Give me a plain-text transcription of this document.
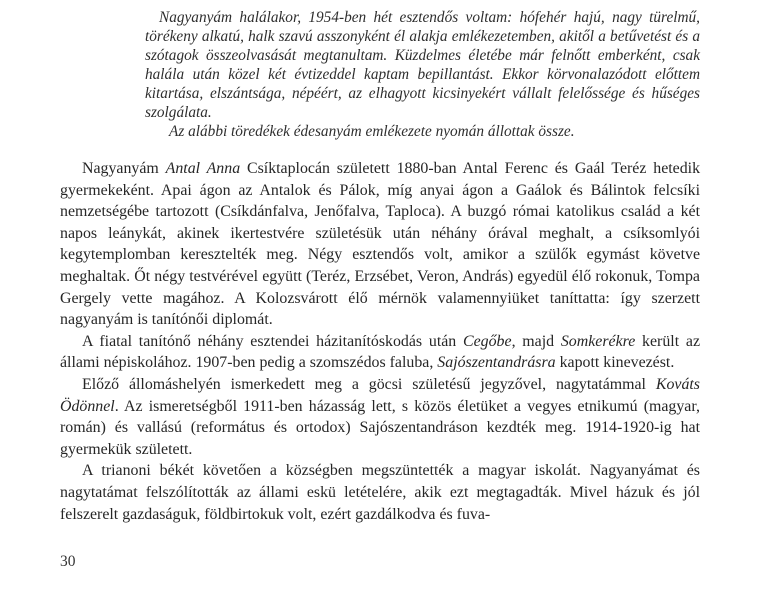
Nagyanyám halálakor, 1954-ben hét esztendős voltam: hófehér hajú, nagy türelmű, törékeny alkatú, halk szavú asszonyként él alakja emlékezetemben, akitől a betűvetést és a szótagok összeolvasását megtanultam. Küzdelmes életébe már felnőtt emberként, csak halála után közel két évtizeddel kaptam bepillantást. Ekkor körvonalazódott előttem kitartása, elszántsága, népéért, az elhagyott kicsinyekért vállalt felelőssége és hűséges szolgálata.

Az alábbi töredékek édesanyám emlékezete nyomán állottak össze.

Nagyanyám Antal Anna Csíktaplocán született 1880-ban Antal Ferenc és Gaál Teréz hetedik gyermekeként. Apai ágon az Antalok és Pálok, míg anyai ágon a Gaálok és Bálintok felcsíki nemzetségébe tartozott (Csíkdánfalva, Jenőfalva, Taploca). A buzgó római katolikus család a két napos leánykát, akinek ikertestvére születésük után néhány órával meghalt, a csíksomlyói kegytemplomban keresztelték meg. Négy esztendős volt, amikor a szülők egymást követve meghaltak. Őt négy testvérével együtt (Teréz, Erzsébet, Veron, András) egyedül élő rokonuk, Tompa Gergely vette magához. A Kolozsvárott élő mérnök valamennyiüket taníttatta: így szerzett nagyanyám is tanítónői diplomát.

A fiatal tanítónő néhány esztendei házitanítóskodás után Cegőbe, majd Somkerékre került az állami népiskolához. 1907-ben pedig a szomszédos faluba, Sajószentandrásra kapott kinevezést.

Előző állomáshelyén ismerkedett meg a göcsi születésű jegyzővel, nagytatámmal Kováts Ödönnel. Az ismeretségből 1911-ben házasság lett, s közös életüket a vegyes etnikumú (magyar, román) és vallású (református és ortodox) Sajószentandráson kezdték meg. 1914-1920-ig hat gyermekük született.

A trianoni békét követően a községben megszüntették a magyar iskolát. Nagyanyámat és nagytatámat felszólították az állami eskü letételére, akik ezt megtagadták. Mivel házuk és jól felszerelt gazdaságuk, földbirtokuk volt, ezért gazdálkodva és fuva-

30
